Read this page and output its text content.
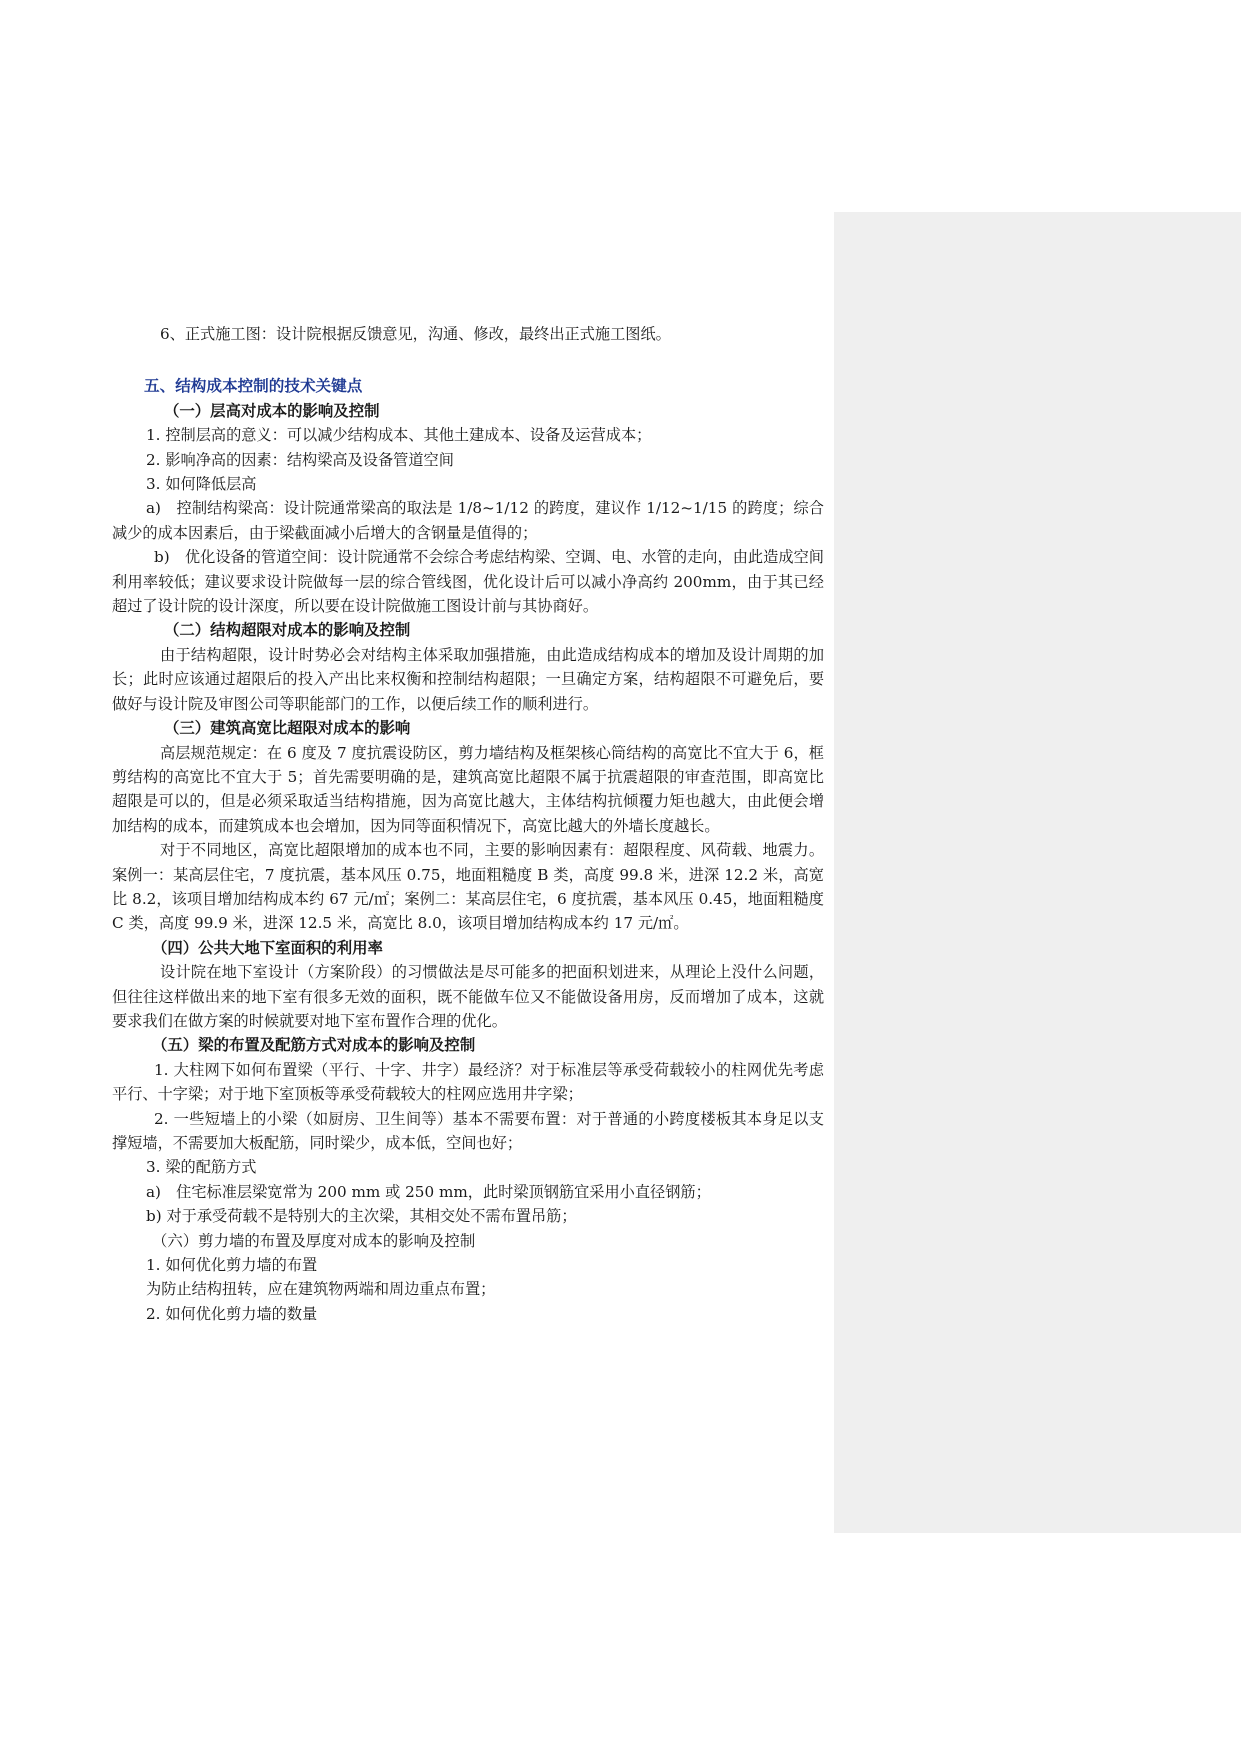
6、正式施工图：设计院根据反馈意见，沟通、修改，最终出正式施工图纸。

五、结构成本控制的技术关键点

（一）层高对成本的影响及控制

1. 控制层高的意义：可以减少结构成本、其他土建成本、设备及运营成本；

2. 影响净高的因素：结构梁高及设备管道空间

3. 如何降低层高

a)　控制结构梁高：设计院通常梁高的取法是 1/8~1/12 的跨度，建议作 1/12~1/15 的跨度；综合减少的成本因素后，由于梁截面减小后增大的含钢量是值得的；

b)　优化设备的管道空间：设计院通常不会综合考虑结构梁、空调、电、水管的走向，由此造成空间利用率较低；建议要求设计院做每一层的综合管线图，优化设计后可以减小净高约 200mm，由于其已经超过了设计院的设计深度，所以要在设计院做施工图设计前与其协商好。

（二）结构超限对成本的影响及控制

由于结构超限，设计时势必会对结构主体采取加强措施，由此造成结构成本的增加及设计周期的加长；此时应该通过超限后的投入产出比来权衡和控制结构超限；一旦确定方案，结构超限不可避免后，要做好与设计院及审图公司等职能部门的工作，以便后续工作的顺利进行。

（三）建筑高宽比超限对成本的影响

高层规范规定：在 6 度及 7 度抗震设防区，剪力墙结构及框架核心筒结构的高宽比不宜大于 6，框剪结构的高宽比不宜大于 5；首先需要明确的是，建筑高宽比超限不属于抗震超限的审查范围，即高宽比超限是可以的，但是必须采取适当结构措施，因为高宽比越大，主体结构抗倾覆力矩也越大，由此便会增加结构的成本，而建筑成本也会增加，因为同等面积情况下，高宽比越大的外墙长度越长。

对于不同地区，高宽比超限增加的成本也不同，主要的影响因素有：超限程度、风荷载、地震力。案例一：某高层住宅，7 度抗震，基本风压 0.75，地面粗糙度 B 类，高度 99.8 米，进深 12.2 米，高宽比 8.2，该项目增加结构成本约 67 元/㎡；案例二：某高层住宅，6 度抗震，基本风压 0.45，地面粗糙度 C 类，高度 99.9 米，进深 12.5 米，高宽比 8.0，该项目增加结构成本约 17 元/㎡。

（四）公共大地下室面积的利用率

设计院在地下室设计（方案阶段）的习惯做法是尽可能多的把面积划进来，从理论上没什么问题，但往往这样做出来的地下室有很多无效的面积，既不能做车位又不能做设备用房，反而增加了成本，这就要求我们在做方案的时候就要对地下室布置作合理的优化。

（五）梁的布置及配筋方式对成本的影响及控制

1. 大柱网下如何布置梁（平行、十字、井字）最经济？对于标准层等承受荷载较小的柱网优先考虑平行、十字梁；对于地下室顶板等承受荷载较大的柱网应选用井字梁；

2. 一些短墙上的小梁（如厨房、卫生间等）基本不需要布置：对于普通的小跨度楼板其本身足以支撑短墙，不需要加大板配筋，同时梁少，成本低，空间也好；

3. 梁的配筋方式

a)　住宅标准层梁宽常为 200 mm 或 250 mm，此时梁顶钢筋宜采用小直径钢筋；

b) 对于承受荷载不是特别大的主次梁，其相交处不需布置吊筋；

（六）剪力墙的布置及厚度对成本的影响及控制

1. 如何优化剪力墙的布置

为防止结构扭转，应在建筑物两端和周边重点布置；

2. 如何优化剪力墙的数量
